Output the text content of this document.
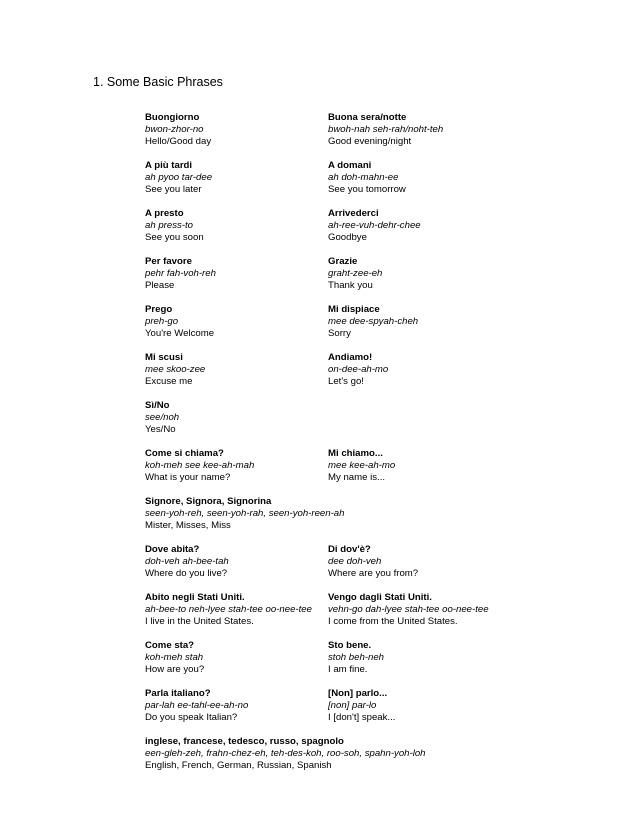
1. Some Basic Phrases
Buongiorno
bwon-zhor-no
Hello/Good day
Buona sera/notte
bwoh-nah seh-rah/noht-teh
Good evening/night
A più tardi
ah pyoo tar-dee
See you later
A domani
ah doh-mahn-ee
See you tomorrow
A presto
ah press-to
See you soon
Arrivederci
ah-ree-vuh-dehr-chee
Goodbye
Per favore
pehr fah-voh-reh
Please
Grazie
graht-zee-eh
Thank you
Prego
preh-go
You're Welcome
Mi dispiace
mee dee-spyah-cheh
Sorry
Mi scusi
mee skoo-zee
Excuse me
Andiamo!
on-dee-ah-mo
Let's go!
Sì/No
see/noh
Yes/No
Come si chiama?
koh-meh see kee-ah-mah
What is your name?
Mi chiamo...
mee kee-ah-mo
My name is...
Signore, Signora, Signorina
seen-yoh-reh, seen-yoh-rah, seen-yoh-reen-ah
Mister, Misses, Miss
Dove abita?
doh-veh ah-bee-tah
Where do you live?
Di dov'è?
dee doh-veh
Where are you from?
Abito negli Stati Uniti.
ah-bee-to neh-lyee stah-tee oo-nee-tee
I live in the United States.
Vengo dagli Stati Uniti.
vehn-go dah-lyee stah-tee oo-nee-tee
I come from the United States.
Come sta?
koh-meh stah
How are you?
Sto bene.
stoh beh-neh
I am fine.
Parla italiano?
par-lah ee-tahl-ee-ah-no
Do you speak Italian?
[Non] parlo...
[non] par-lo
I [don't] speak...
inglese, francese, tedesco, russo, spagnolo
een-gleh-zeh, frahn-chez-eh, teh-des-koh, roo-soh, spahn-yoh-loh
English, French, German, Russian, Spanish
